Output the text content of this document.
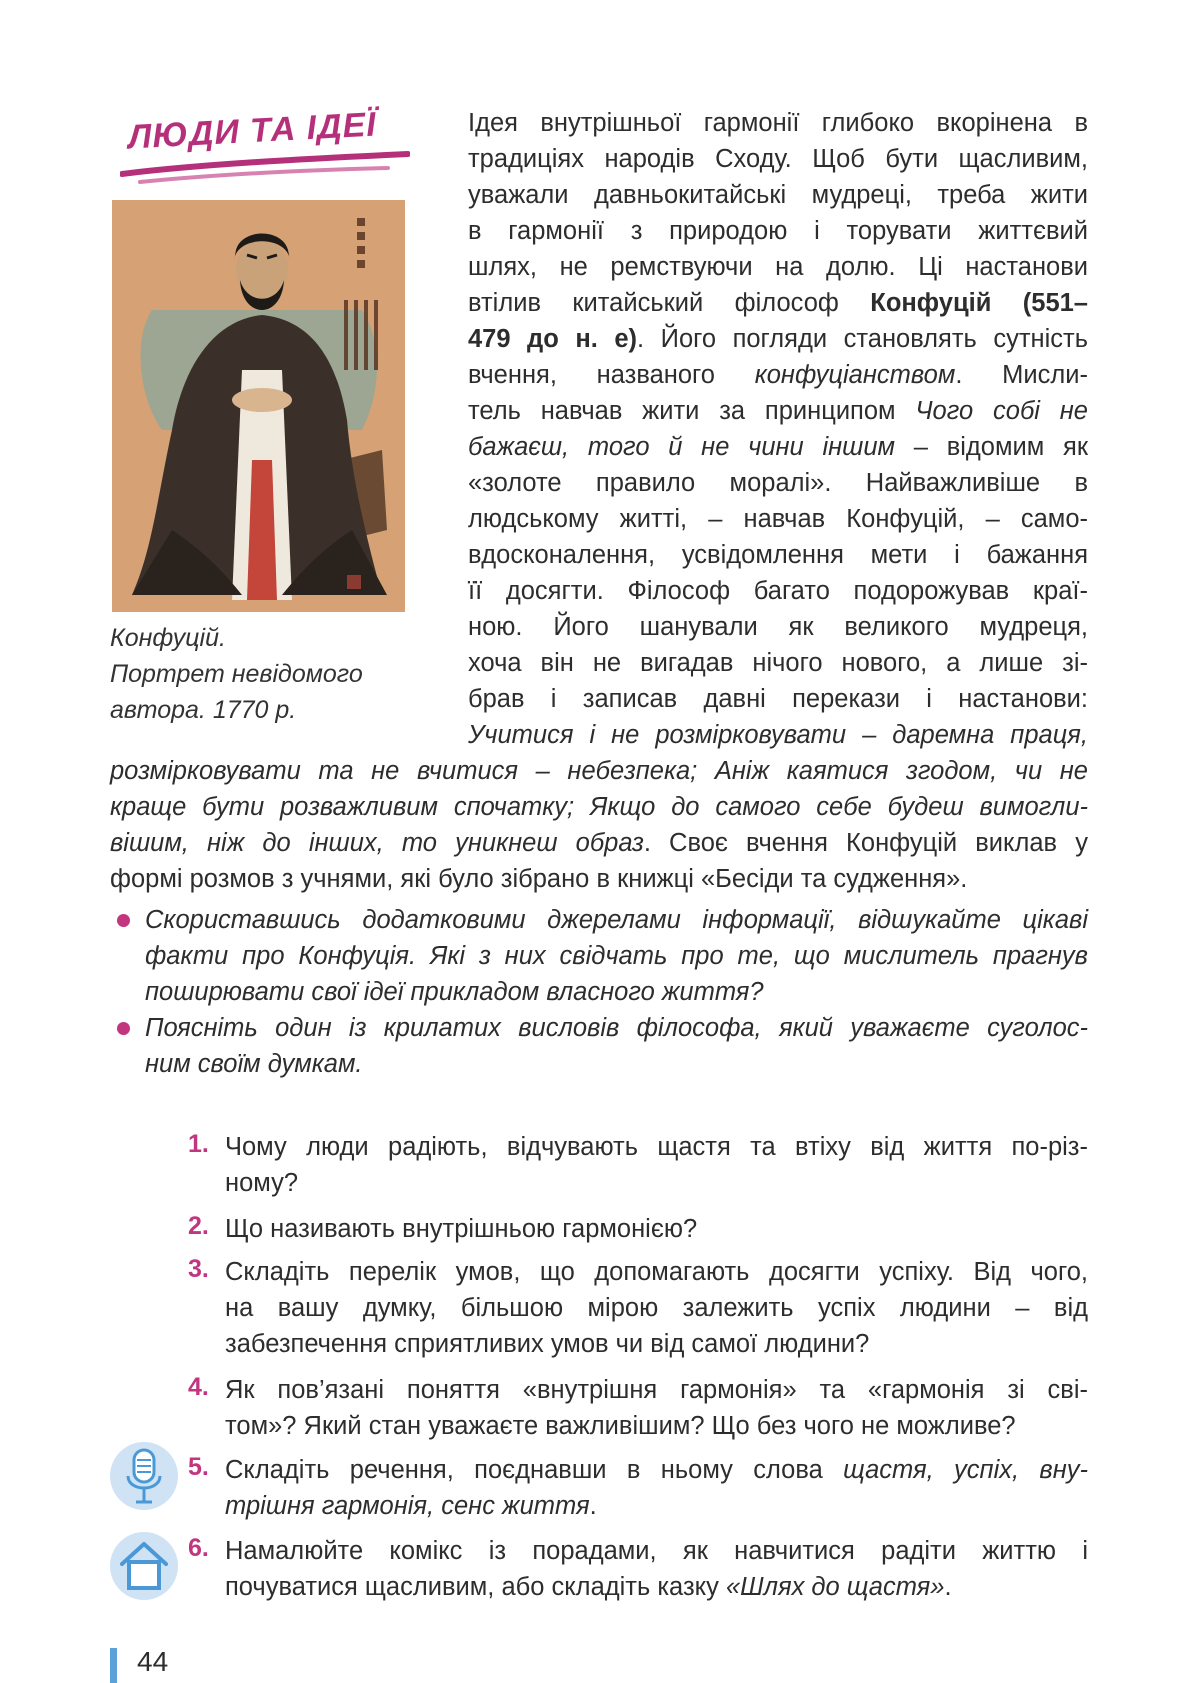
ЛЮДИ ТА ІДЕЇ
Конфуцій.
Портрет невідомого
автора. 1770 р.
Ідея внутрішньої гармонії глибоко вкорінена в
традиціях народів Сходу. Щоб бути щасливим,
уважали давньокитайські мудреці, треба жити
в гармонії з природою і торувати життєвий
шлях, не ремствуючи на долю. Ці настанови
втілив китайський філософ Конфуцій (551–
479 до н. е). Його погляди становлять сутність
вчення, названого конфуціанством. Мисли-
тель навчав жити за принципом Чого собі не
бажаєш, того й не чини іншим – відомим як
«золоте правило моралі». Найважливіше в
людському житті, – навчав Конфуцій, – само-
вдосконалення, усвідомлення мети і бажання
її досягти. Філософ багато подорожував краї-
ною. Його шанували як великого мудреця,
хоча він не вигадав нічого нового, а лише зі-
брав і записав давні перекази і настанови:
Учитися і не розмірковувати – даремна праця,
розмірковувати та не вчитися – небезпека; Аніж каятися згодом, чи не
краще бути розважливим спочатку; Якщо до самого себе будеш вимогли-
вішим, ніж до інших, то уникнеш образ. Своє вчення Конфуцій виклав у
формі розмов з учнями, які було зібрано в книжці «Бесіди та судження».
Скориставшись додатковими джерелами інформації, відшукайте цікаві
факти про Конфуція. Які з них свідчать про те, що мислитель прагнув
поширювати свої ідеї прикладом власного життя?
Поясніть один із крилатих висловів філософа, який уважаєте суголос-
ним своїм думкам.
1. Чому люди радіють, відчувають щастя та втіху від життя по-різ-
ному?
2. Що називають внутрішньою гармонією?
3. Складіть перелік умов, що допомагають досягти успіху. Від чого,
на вашу думку, більшою мірою залежить успіх людини – від
забезпечення сприятливих умов чи від самої людини?
4. Як пов’язані поняття «внутрішня гармонія» та «гармонія зі сві-
том»? Який стан уважаєте важливішим? Що без чого не можливе?
5. Складіть речення, поєднавши в ньому слова щастя, успіх, вну-
трішня гармонія, сенс життя.
6. Намалюйте комікс із порадами, як навчитися радіти життю і
почуватися щасливим, або складіть казку «Шлях до щастя».
44
